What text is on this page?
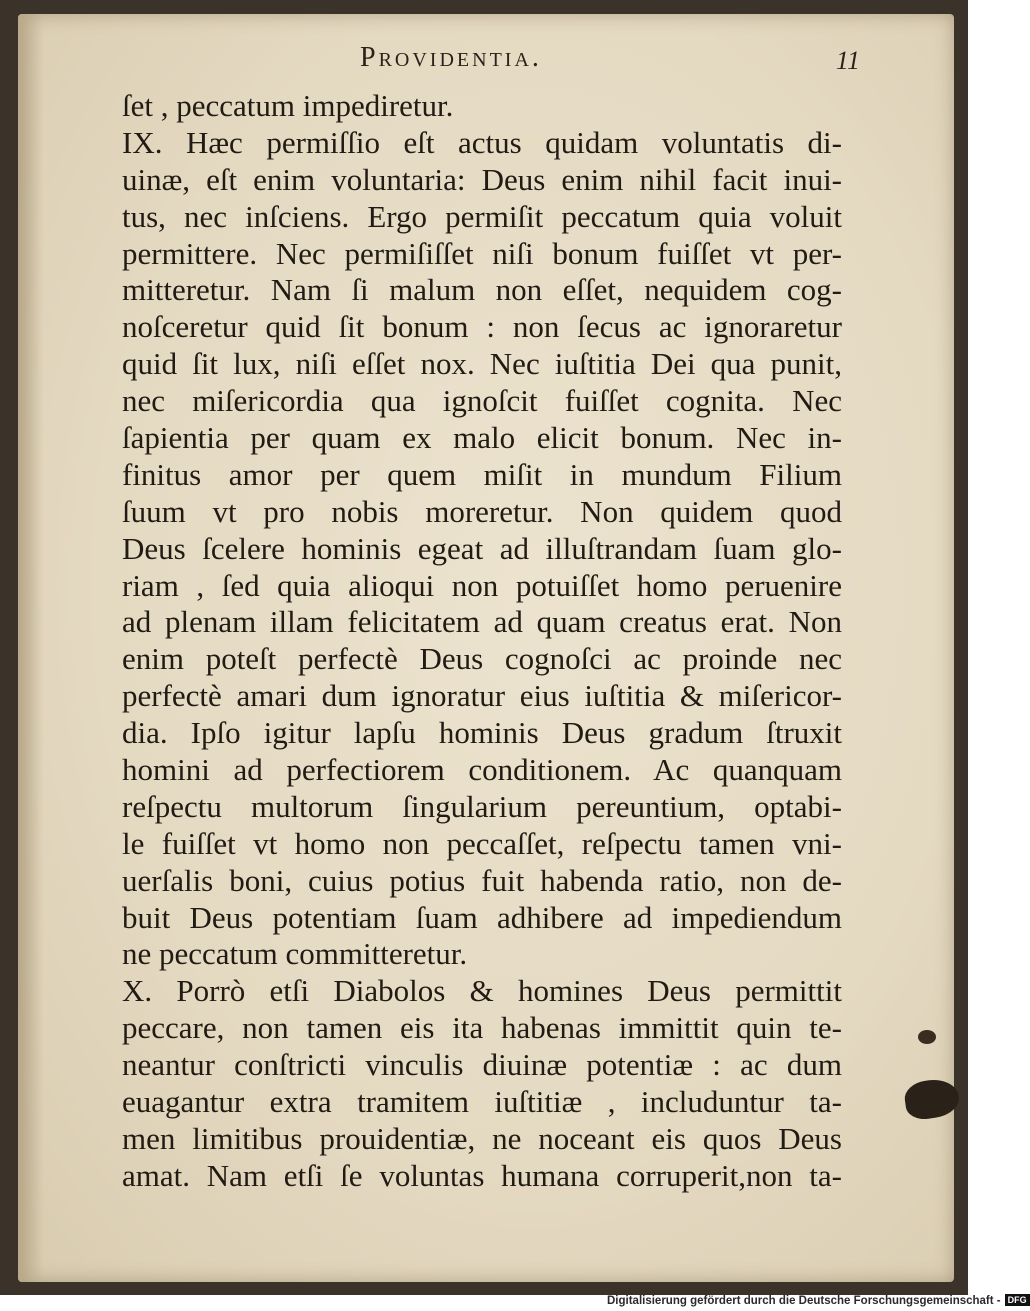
Providentia.	11
ſet , peccatum impediretur.
IX. Hæc permiſſio eſt actus quidam voluntatis di-
uinæ, eſt enim voluntaria: Deus enim nihil facit inui-
tus, nec inſciens. Ergo permiſit peccatum quia voluit
permittere. Nec permiſiſſet niſi bonum fuiſſet vt per-
mitteretur. Nam ſi malum non eſſet, nequidem cog-
noſceretur quid ſit bonum : non ſecus ac ignoraretur
quid ſit lux, niſi eſſet nox. Nec iuſtitia Dei qua punit,
nec miſericordia qua ignoſcit fuiſſet cognita. Nec
ſapientia per quam ex malo elicit bonum. Nec in-
finitus amor per quem miſit in mundum Filium
ſuum vt pro nobis moreretur. Non quidem quod
Deus ſcelere hominis egeat ad illuſtrandam ſuam glo-
riam , ſed quia alioqui non potuiſſet homo peruenire
ad plenam illam felicitatem ad quam creatus erat. Non
enim poteſt perfectè Deus cognoſci ac proinde nec
perfectè amari dum ignoratur eius iuſtitia & miſericor-
dia. Ipſo igitur lapſu hominis Deus gradum ſtruxit
homini ad perfectiorem conditionem. Ac quanquam
reſpectu multorum ſingularium pereuntium, optabi-
le fuiſſet vt homo non peccaſſet, reſpectu tamen vni-
uerſalis boni, cuius potius fuit habenda ratio, non de-
buit Deus potentiam ſuam adhibere ad impediendum
ne peccatum committeretur.
X. Porrò etſi Diabolos & homines Deus permittit
peccare, non tamen eis ita habenas immittit quin te-
neantur conſtricti vinculis diuinæ potentiæ : ac dum
euagantur extra tramitem iuſtitiæ , includuntur ta-
men limitibus prouidentiæ, ne noceant eis quos Deus
amat. Nam etſi ſe voluntas humana corruperit,non ta-
Digitalisierung gefördert durch die Deutsche Forschungsgemeinschaft - DFG
